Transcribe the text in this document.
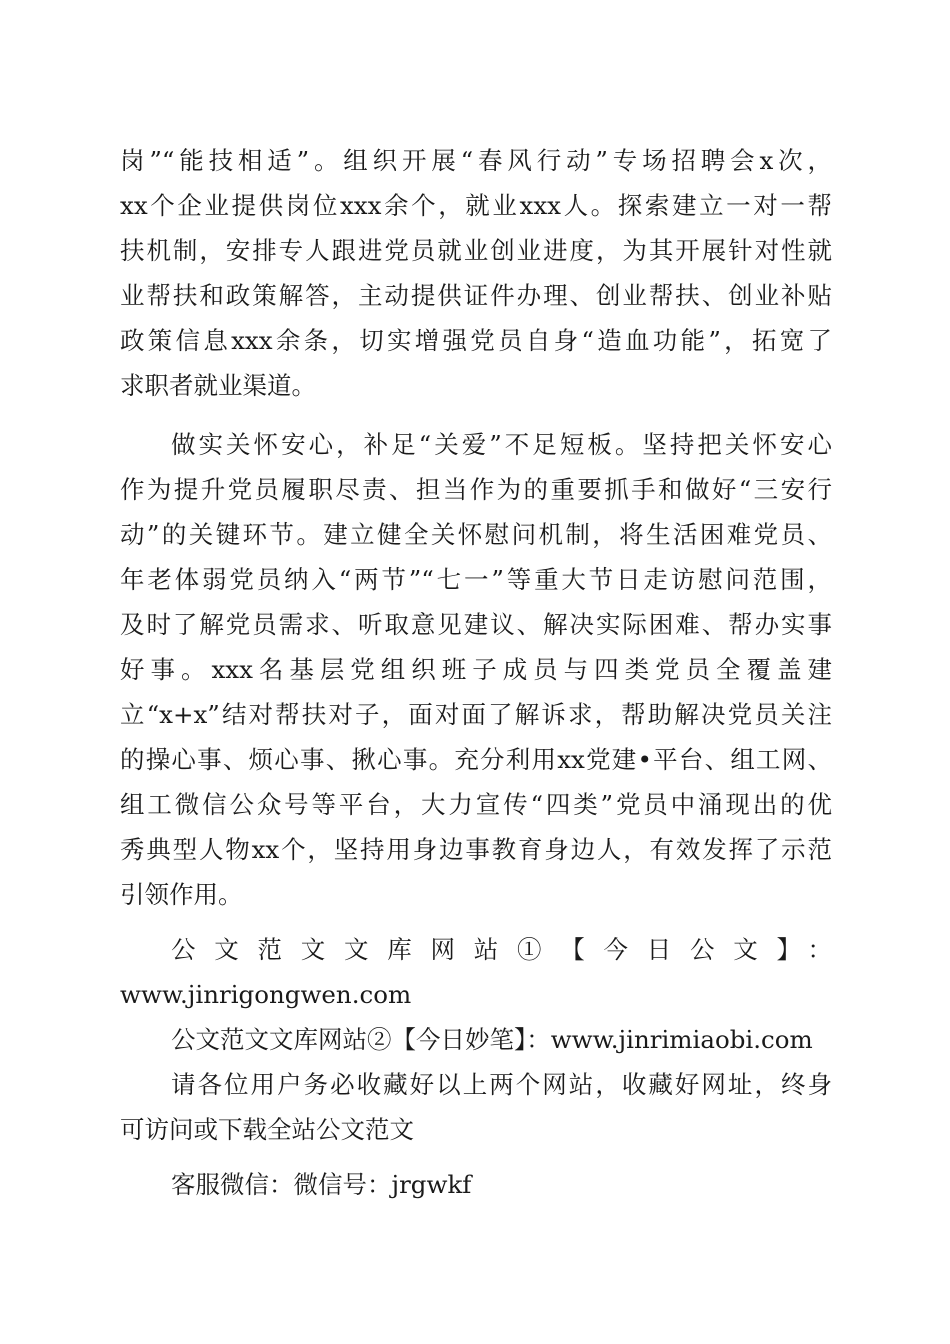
岗”“能技相适”。组织开展“春风行动”专场招聘会x次，
xx个企业提供岗位xxx余个，就业xxx人。探索建立一对一帮
扶机制，安排专人跟进党员就业创业进度，为其开展针对性就
业帮扶和政策解答，主动提供证件办理、创业帮扶、创业补贴
政策信息xxx余条，切实增强党员自身“造血功能”，拓宽了
求职者就业渠道。
做实关怀安心，补足“关爱”不足短板。坚持把关怀安心
作为提升党员履职尽责、担当作为的重要抓手和做好“三安行
动”的关键环节。建立健全关怀慰问机制，将生活困难党员、
年老体弱党员纳入“两节”“七一”等重大节日走访慰问范围，
及时了解党员需求、听取意见建议、解决实际困难、帮办实事
好事。xxx名基层党组织班子成员与四类党员全覆盖建
立“x+x”结对帮扶对子，面对面了解诉求，帮助解决党员关注
的操心事、烦心事、揪心事。充分利用xx党建•平台、组工网、
组工微信公众号等平台，大力宣传“四类”党员中涌现出的优
秀典型人物xx个，坚持用身边事教育身边人，有效发挥了示范
引领作用。
公文范文文库网站①【今日公文】：
www.jinrigongwen.com
公文范文文库网站②【今日妙笔】：www.jinrimiaobi.com
请各位用户务必收藏好以上两个网站，收藏好网址，终身
可访问或下载全站公文范文
客服微信：微信号：jrgwkf
